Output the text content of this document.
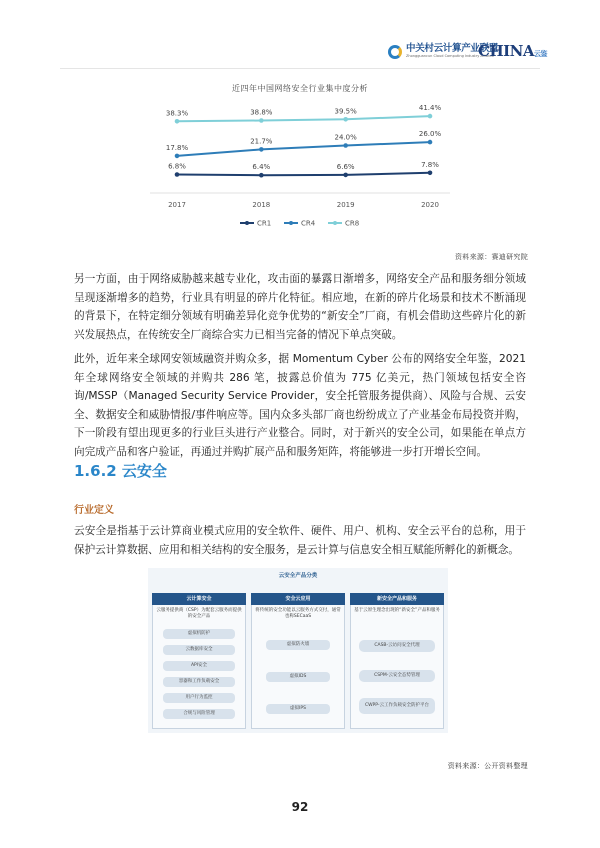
中关村云计算产业联盟
Zhongguancun Cloud Computing Industry Alliance
CHINA云鉴
近四年中国网络安全行业集中度分析
6.8%	6.4%	6.6%	7.8%
17.8%
21.7%	24.0%	26.0%
38.3%	38.8%	39.5%	41.4%
2017	2018	2019	2020
CR1	CR4	CR8
资料来源：赛迪研究院
另一方面，由于网络威胁越来越专业化，攻击面的暴露日渐增多，网络安全产品和服务细分领域呈现逐渐增多的趋势，行业具有明显的碎片化特征。相应地，在新的碎片化场景和技术不断涌现的背景下，在特定细分领域有明确差异化竞争优势的“新安全”厂商，有机会借助这些碎片化的新兴发展热点，在传统安全厂商综合实力已相当完备的情况下单点突破。
此外，近年来全球网安领域融资并购众多，据 Momentum Cyber 公布的网络安全年鉴，2021 年全球网络安全领域的并购共 286 笔，披露总价值为 775 亿美元，热门领域包括安全咨询/MSSP（Managed Security Service Provider，安全托管服务提供商）、风险与合规、云安全、数据安全和威胁情报/事件响应等。国内众多头部厂商也纷纷成立了产业基金布局投资并购，下一阶段有望出现更多的行业巨头进行产业整合。同时，对于新兴的安全公司，如果能在单点方向完成产品和客户验证，再通过并购扩展产品和服务矩阵，将能够进一步打开增长空间。
1.6.2 云安全
行业定义
云安全是指基于云计算商业模式应用的安全软件、硬件、用户、机构、安全云平台的总称，用于保护云计算数据、应用和相关结构的安全服务，是云计算与信息安全相互赋能所孵化的新概念。
云安全产品分类
云计算安全
云服务提供商（CSP）为配套云服务而提供的安全产品
虚拟机防护
云数据库安全
API安全
容器和工作负载安全
用户行为监控
合规与风险管理
安全云应用
将传统的安全功能以云服务方式交付，通常也称SECaaS
虚拟防火墙
虚拟IDS
虚拟IPS
新安全产品和服务
基于云原生理念出现的“新安全”产品和服务
CASB-云访问安全代理
CSPM-云安全态势管理
CWPP-云工作负载安全防护平台
资料来源：公开资料整理
92
